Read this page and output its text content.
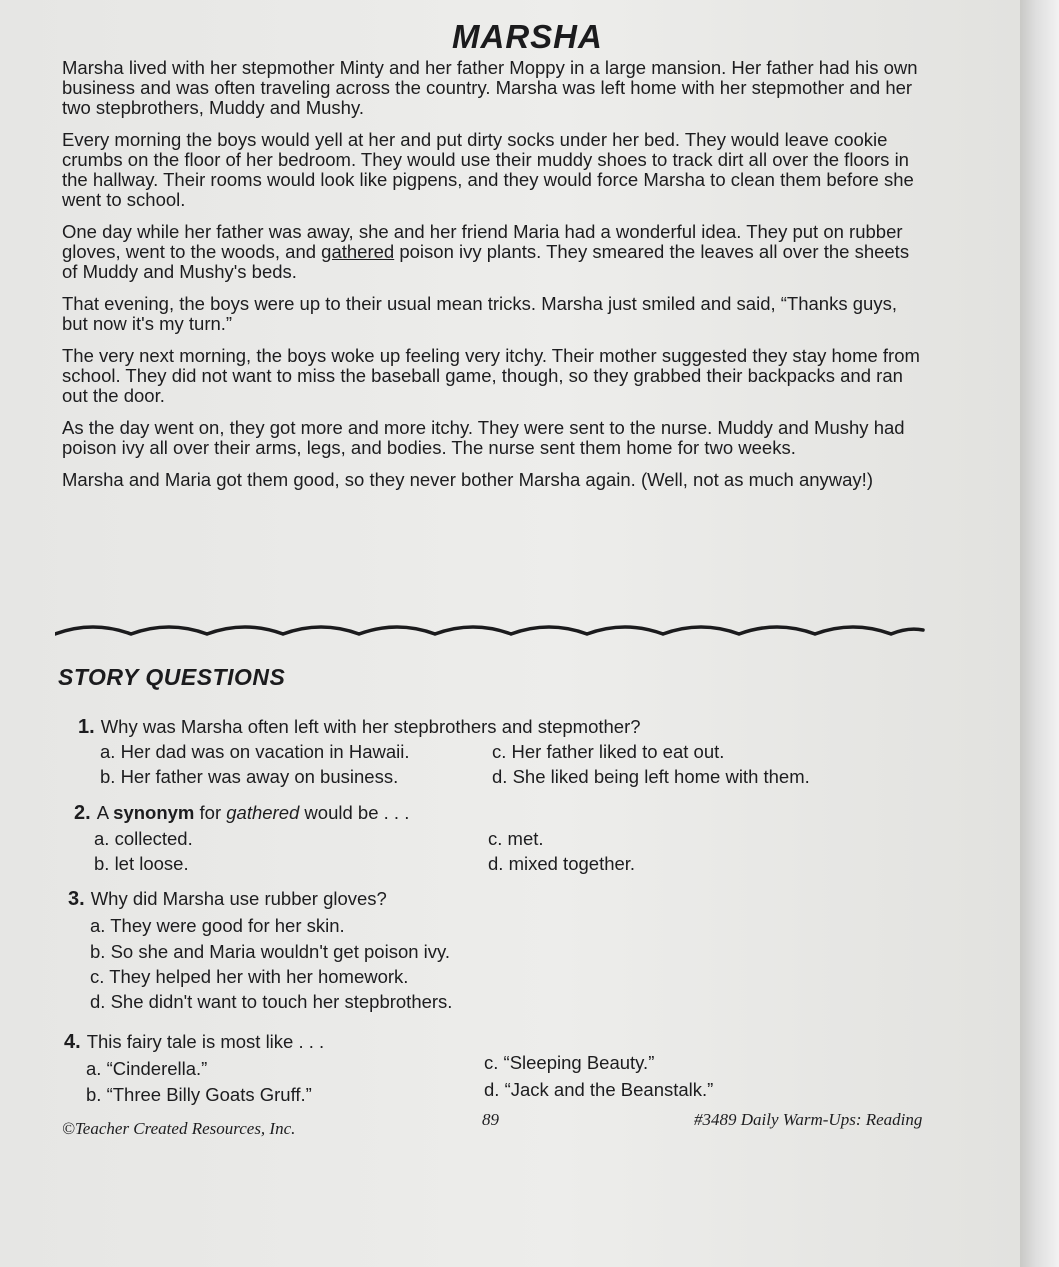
MARSHA

Marsha lived with her stepmother Minty and her father Moppy in a large mansion. Her father had his own business and was often traveling across the country. Marsha was left home with her stepmother and her two stepbrothers, Muddy and Mushy.

Every morning the boys would yell at her and put dirty socks under her bed. They would leave cookie crumbs on the floor of her bedroom. They would use their muddy shoes to track dirt all over the floors in the hallway. Their rooms would look like pigpens, and they would force Marsha to clean them before she went to school.

One day while her father was away, she and her friend Maria had a wonderful idea. They put on rubber gloves, went to the woods, and gathered poison ivy plants. They smeared the leaves all over the sheets of Muddy and Mushy's beds.

That evening, the boys were up to their usual mean tricks. Marsha just smiled and said, “Thanks guys, but now it's my turn.”

The very next morning, the boys woke up feeling very itchy. Their mother suggested they stay home from school. They did not want to miss the baseball game, though, so they grabbed their backpacks and ran out the door.

As the day went on, they got more and more itchy. They were sent to the nurse. Muddy and Mushy had poison ivy all over their arms, legs, and bodies. The nurse sent them home for two weeks.

Marsha and Maria got them good, so they never bother Marsha again. (Well, not as much anyway!)

STORY QUESTIONS
1. Why was Marsha often left with her stepbrothers and stepmother?
a. Her dad was on vacation in Hawaii.
b. Her father was away on business.
c. Her father liked to eat out.
d. She liked being left home with them.
2. A synonym for gathered would be . . .
a. collected.
b. let loose.
c. met.
d. mixed together.
3. Why did Marsha use rubber gloves?
a. They were good for her skin.
b. So she and Maria wouldn't get poison ivy.
c. They helped her with her homework.
d. She didn't want to touch her stepbrothers.
4. This fairy tale is most like . . .
a. “Cinderella.”
b. “Three Billy Goats Gruff.”
c. “Sleeping Beauty.”
d. “Jack and the Beanstalk.”
©Teacher Created Resources, Inc.	89	#3489 Daily Warm-Ups: Reading
